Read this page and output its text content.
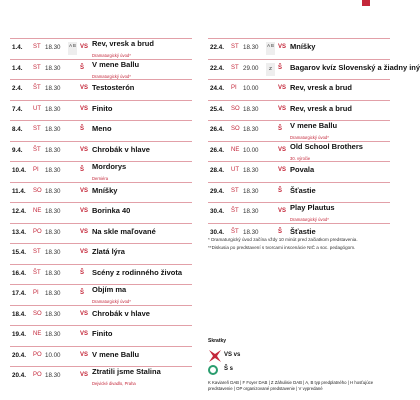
1.4. ST 18.30 A B VS Rev, vresk a brud
Dramaturgický úvod*
1.4. ST 18.30	Š V mene Ballu
Dramaturgický úvod*
2.4. ŠT 18.30	VS Testosterón
7.4. UT 18.30	VS Finito
8.4. ST 18.30	Š Meno
9.4. ŠT 18.30	VS Chrobák v hlave
10.4. PI 18.30	Š Mordorys
Derniéra
11.4. SO 18.30	VS Mníšky
12.4. NE 18.30	VS Borinka 40
13.4. PO 18.30	VS Na skle maľované
15.4. ST 18.30	VS Zlatá lýra
16.4. ŠT 18.30	Š Scény z rodinného života
17.4. PI 18.30	Š Objím ma
Dramaturgický úvod*
18.4. SO 18.30	VS Chrobák v hlave
19.4. NE 18.30	VS Finito
20.4. PO 10.00	VS V mene Ballu
20.4. PO 18.30	VS Ztratili jsme Stalina
Dejvické divadlo, Praha
22.4. ST 18.30 A B VS Mníšky
22.4. ST 29.00	Z	Š Bagarov kvíz Slovenský a žiadny iný
24.4. PI 10.00	VS Rev, vresk a brud
25.4. SO 18.30	VS Rev, vresk a brud
26.4. SO 18.30	Š V mene Ballu
Dramaturgický úvod*
26.4. NE 10.00	VS Old School Brothers
30. výročie
28.4. UT 18.30	VS Povala
29.4. ST 18.30	Š Šťastie
30.4. ŠT 18.30	VS Play Plautus
Dramaturgický úvod*
30.4. ŠT 18.30	Š Šťastie
* Dramaturgický úvod začína vždy 10 minút pred začiatkom predstavenia.
**Diskusia po predstavení s tvorcami inscenácie NIČ a soc. pedagógom.
Skratky
VS vs
Š s
K Kaviareň DAB | F Foyer DAB | Z Záhulisie DAB | A, B typ predplatného | H hosťujúce predstavenie | OP organizované predstavenie | V vypredané
